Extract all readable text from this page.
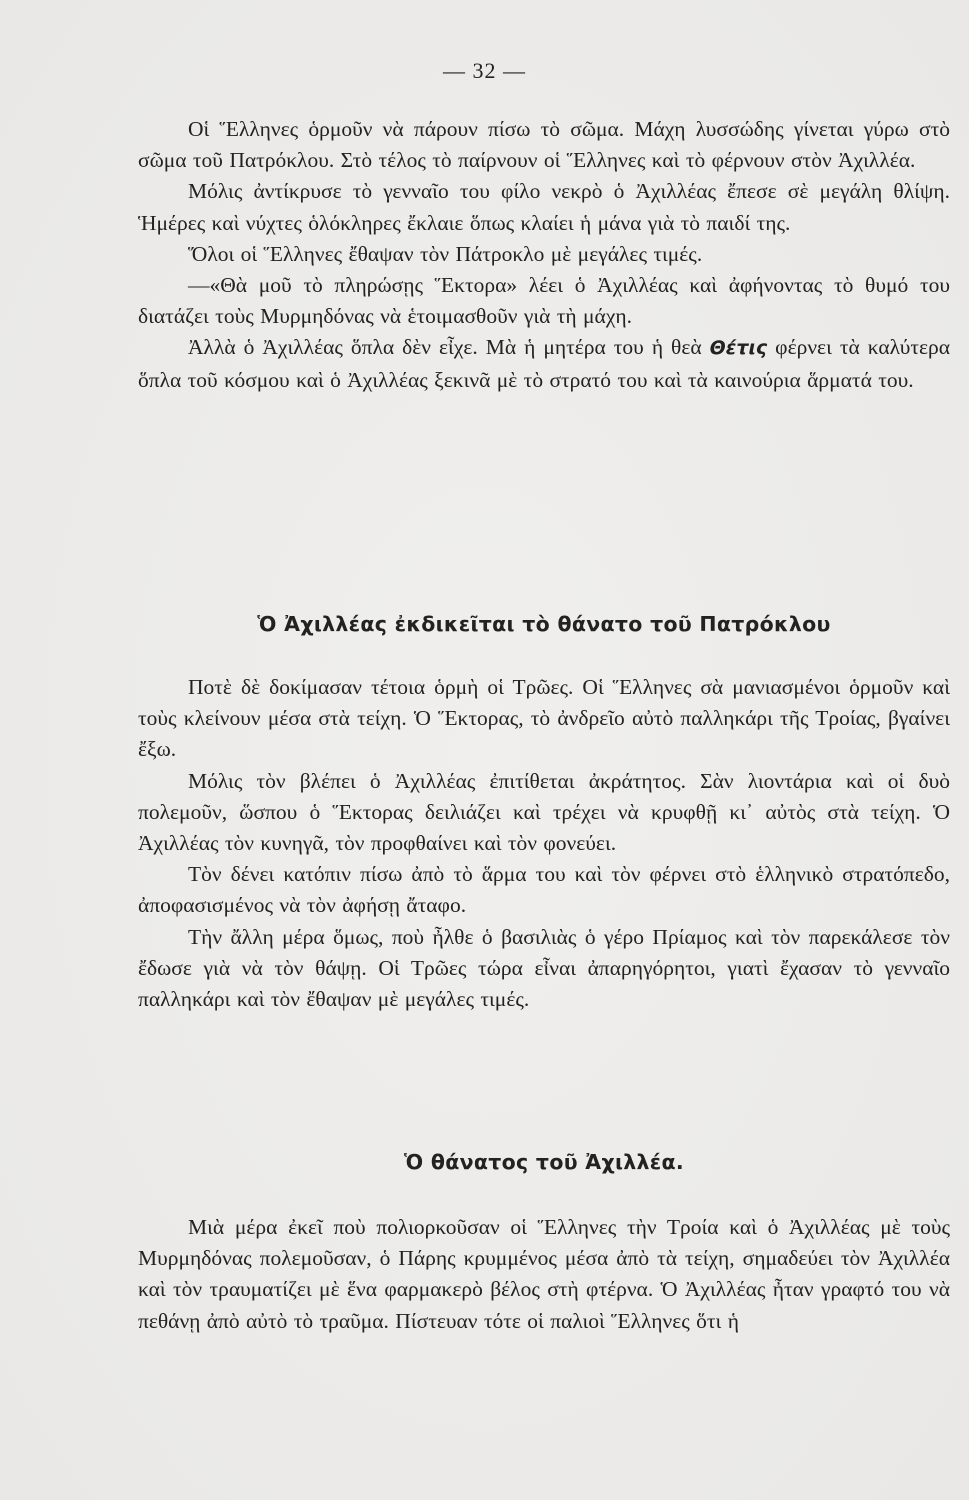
— 32 —

Οἱ Ἕλληνες ὁρμοῦν νὰ πάρουν πίσω τὸ σῶμα. Μάχη λυσσώδης γίνεται γύρω στὸ σῶμα τοῦ Πατρόκλου. Στὸ τέλος τὸ παίρνουν οἱ Ἕλληνες καὶ τὸ φέρνουν στὸν Ἀχιλλέα.

Μόλις ἀντίκρυσε τὸ γενναῖο του φίλο νεκρὸ ὁ Ἀχιλλέας ἔπεσε σὲ μεγάλη θλίψη. Ἡμέρες καὶ νύχτες ὁλόκληρες ἔκλαιε ὅπως κλαίει ἡ μάνα γιὰ τὸ παιδί της.

Ὅλοι οἱ Ἕλληνες ἔθαψαν τὸν Πάτροκλο μὲ μεγάλες τιμές.

—«Θὰ μοῦ τὸ πληρώσῃς Ἕκτορα» λέει ὁ Ἀχιλλέας καὶ ἀφήνοντας τὸ θυμό του διατάζει τοὺς Μυρμηδόνας νὰ ἑτοιμασθοῦν γιὰ τὴ μάχη.

Ἀλλὰ ὁ Ἀχιλλέας ὅπλα δὲν εἶχε. Μὰ ἡ μητέρα του ἡ θεὰ Θέτις φέρνει τὰ καλύτερα ὅπλα τοῦ κόσμου καὶ ὁ Ἀχιλλέας ξεκινᾶ μὲ τὸ στρατό του καὶ τὰ καινούρια ἅρματά του.

Ὁ Ἀχιλλέας ἐκδικεῖται τὸ θάνατο τοῦ Πατρόκλου

Ποτὲ δὲ δοκίμασαν τέτοια ὁρμὴ οἱ Τρῶες. Οἱ Ἕλληνες σὰ μανιασμένοι ὁρμοῦν καὶ τοὺς κλείνουν μέσα στὰ τείχη. Ὁ Ἕκτορας, τὸ ἀνδρεῖο αὐτὸ παλληκάρι τῆς Τροίας, βγαίνει ἔξω.

Μόλις τὸν βλέπει ὁ Ἀχιλλέας ἐπιτίθεται ἀκράτητος. Σὰν λιοντάρια καὶ οἱ δυὸ πολεμοῦν, ὥσπου ὁ Ἕκτορας δειλιάζει καὶ τρέχει νὰ κρυφθῇ κι᾿ αὐτὸς στὰ τείχη. Ὁ Ἀχιλλέας τὸν κυνηγᾶ, τὸν προφθαίνει καὶ τὸν φονεύει.

Τὸν δένει κατόπιν πίσω ἀπὸ τὸ ἅρμα του καὶ τὸν φέρνει στὸ ἑλληνικὸ στρατόπεδο, ἀποφασισμένος νὰ τὸν ἀφήσῃ ἄταφο.

Τὴν ἄλλη μέρα ὅμως, ποὺ ἦλθε ὁ βασιλιὰς ὁ γέρο Πρίαμος καὶ τὸν παρεκάλεσε τὸν ἔδωσε γιὰ νὰ τὸν θάψῃ. Οἱ Τρῶες τώρα εἶναι ἀπαρηγόρητοι, γιατὶ ἔχασαν τὸ γενναῖο παλληκάρι καὶ τὸν ἔθαψαν μὲ μεγάλες τιμές.

Ὁ θάνατος τοῦ Ἀχιλλέα.

Μιὰ μέρα ἐκεῖ ποὺ πολιορκοῦσαν οἱ Ἕλληνες τὴν Τροία καὶ ὁ Ἀχιλλέας μὲ τοὺς Μυρμηδόνας πολεμοῦσαν, ὁ Πάρης κρυμμένος μέσα ἀπὸ τὰ τείχη, σημαδεύει τὸν Ἀχιλλέα καὶ τὸν τραυματίζει μὲ ἕνα φαρμακερὸ βέλος στὴ φτέρνα. Ὁ Ἀχιλλέας ἦταν γραφτό του νὰ πεθάνῃ ἀπὸ αὐτὸ τὸ τραῦμα. Πίστευαν τότε οἱ παλιοὶ Ἕλληνες ὅτι ἡ
